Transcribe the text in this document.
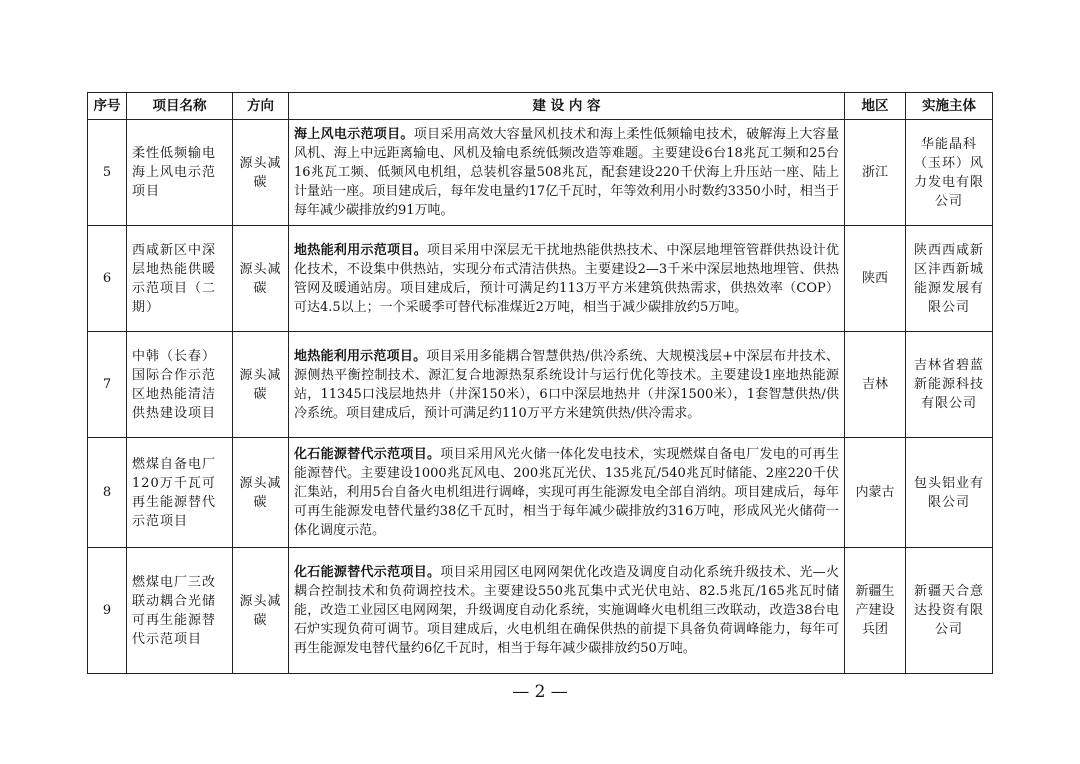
序号	项目名称	方向	建 设 内 容	地区	实施主体
5	柔性低频输电海上风电示范项目	源头减碳	海上风电示范项目。项目采用高效大容量风机技术和海上柔性低频输电技术，破解海上大容量风机、海上中远距离输电、风机及输电系统低频改造等难题。主要建设6台18兆瓦工频和25台16兆瓦工频、低频风电机组，总装机容量508兆瓦，配套建设220千伏海上升压站一座、陆上计量站一座。项目建成后，每年发电量约17亿千瓦时，年等效利用小时数约3350小时，相当于每年减少碳排放约91万吨。	浙江	华能晶科（玉环）风力发电有限公司
6	西咸新区中深层地热能供暖示范项目（二期）	源头减碳	地热能利用示范项目。项目采用中深层无干扰地热能供热技术、中深层地埋管管群供热设计优化技术，不设集中供热站，实现分布式清洁供热。主要建设2—3千米中深层地热地埋管、供热管网及暖通站房。项目建成后，预计可满足约113万平方米建筑供热需求，供热效率（COP）可达4.5以上；一个采暖季可替代标准煤近2万吨，相当于减少碳排放约5万吨。	陕西	陕西西咸新区沣西新城能源发展有限公司
7	中韩（长春）国际合作示范区地热能清洁供热建设项目	源头减碳	地热能利用示范项目。项目采用多能耦合智慧供热/供冷系统、大规模浅层+中深层布井技术、源侧热平衡控制技术、源汇复合地源热泵系统设计与运行优化等技术。主要建设1座地热能源站，11345口浅层地热井（井深150米），6口中深层地热井（井深1500米），1套智慧供热/供冷系统。项目建成后，预计可满足约110万平方米建筑供热/供冷需求。	吉林	吉林省碧蓝新能源科技有限公司
8	燃煤自备电厂120万千瓦可再生能源替代示范项目	源头减碳	化石能源替代示范项目。项目采用风光火储一体化发电技术，实现燃煤自备电厂发电的可再生能源替代。主要建设1000兆瓦风电、200兆瓦光伏、135兆瓦/540兆瓦时储能、2座220千伏汇集站，利用5台自备火电机组进行调峰，实现可再生能源发电全部自消纳。项目建成后，每年可再生能源发电替代量约38亿千瓦时，相当于每年减少碳排放约316万吨，形成风光火储荷一体化调度示范。	内蒙古	包头铝业有限公司
9	燃煤电厂三改联动耦合光储可再生能源替代示范项目	源头减碳	化石能源替代示范项目。项目采用园区电网网架优化改造及调度自动化系统升级技术、光—火耦合控制技术和负荷调控技术。主要建设550兆瓦集中式光伏电站、82.5兆瓦/165兆瓦时储能，改造工业园区电网网架，升级调度自动化系统，实施调峰火电机组三改联动，改造38台电石炉实现负荷可调节。项目建成后，火电机组在确保供热的前提下具备负荷调峰能力，每年可再生能源发电替代量约6亿千瓦时，相当于每年减少碳排放约50万吨。	新疆生产建设兵团	新疆天合意达投资有限公司
— 2 —
